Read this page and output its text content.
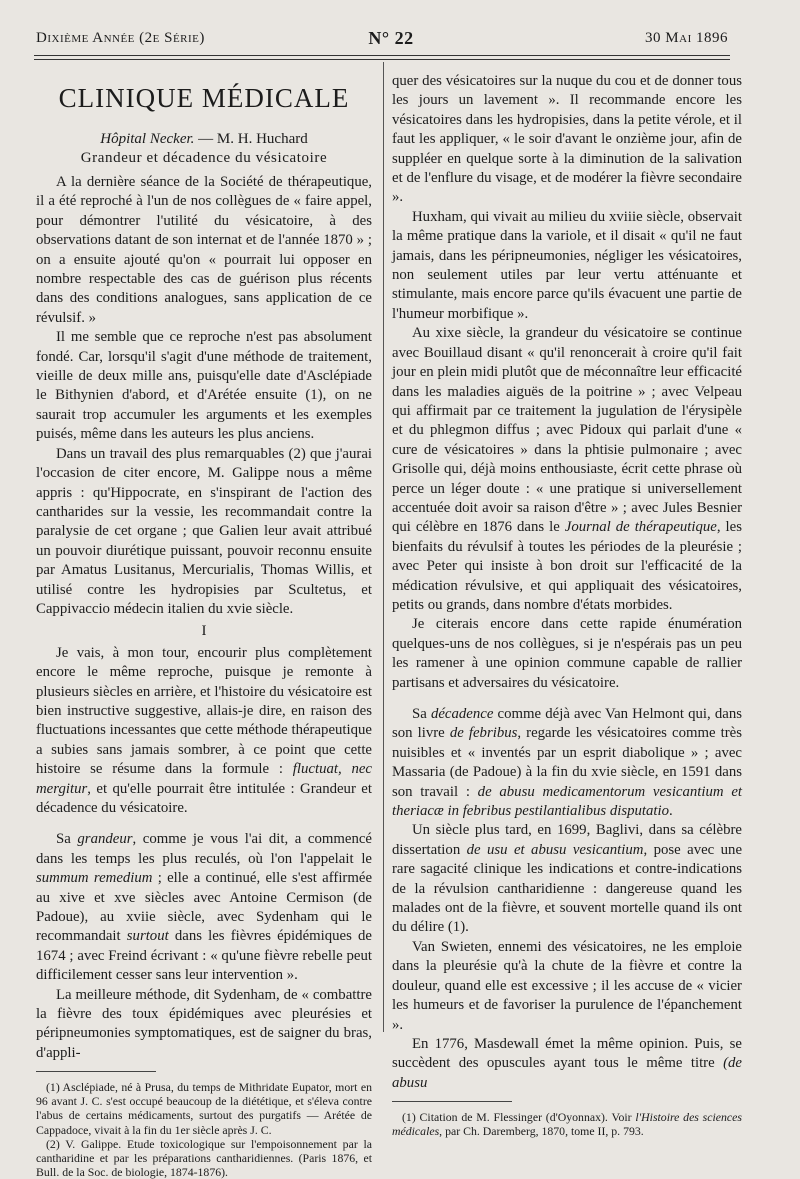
Dixième Année (2e Série)	N° 22	30 Mai 1896
CLINIQUE MÉDICALE
Hôpital Necker. — M. H. Huchard
Grandeur et décadence du vésicatoire

A la dernière séance de la Société de thérapeutique, il a été reproché à l'un de nos collègues de « faire appel, pour démontrer l'utilité du vésicatoire, à des observations datant de son internat et de l'année 1870 » ; on a ensuite ajouté qu'on « pourrait lui opposer en nombre respectable des cas de guérison plus récents dans des conditions analogues, sans application de ce révulsif. »

Il me semble que ce reproche n'est pas absolument fondé. Car, lorsqu'il s'agit d'une méthode de traitement, vieille de deux mille ans, puisqu'elle date d'Asclépiade le Bithynien d'abord, et d'Arétée ensuite (1), on ne saurait trop accumuler les arguments et les exemples puisés, même dans les auteurs les plus anciens.

Dans un travail des plus remarquables (2) que j'aurai l'occasion de citer encore, M. Galippe nous a même appris : qu'Hippocrate, en s'inspirant de l'action des cantharides sur la vessie, les recommandait contre la paralysie de cet organe ; que Galien leur avait attribué un pouvoir diurétique puissant, pouvoir reconnu ensuite par Amatus Lusitanus, Mercurialis, Thomas Willis, et utilisé contre les hydropisies par Scultetus, et Cappivaccio médecin italien du xvie siècle.

I

Je vais, à mon tour, encourir plus complètement encore le même reproche, puisque je remonte à plusieurs siècles en arrière, et l'histoire du vésicatoire est bien instructive suggestive, allais-je dire, en raison des fluctuations incessantes que cette méthode thérapeutique a subies sans jamais sombrer, à ce point que cette histoire se résume dans la formule : fluctuat, nec mergitur, et qu'elle pourrait être intitulée : Grandeur et décadence du vésicatoire.

Sa grandeur, comme je vous l'ai dit, a commencé dans les temps les plus reculés, où l'on l'appelait le summum remedium ; elle a continué, elle s'est affirmée au xive et xve siècles avec Antoine Cermison (de Padoue), au xviie siècle, avec Sydenham qui le recommandait surtout dans les fièvres épidémiques de 1674 ; avec Freind écrivant : « qu'une fièvre rebelle peut difficilement cesser sans leur intervention ».

La meilleure méthode, dit Sydenham, de « combattre la fièvre des toux épidémiques avec pleurésies et péripneumonies symptomatiques, est de saigner du bras, d'appli-

(1) Asclépiade, né à Prusa, du temps de Mithridate Eupator, mort en 96 avant J. C. s'est occupé beaucoup de la diététique, et s'éleva contre l'abus de certains médicaments, surtout des purgatifs — Arétée de Cappadoce, vivait à la fin du 1er siècle après J. C.

(2) V. Galippe. Etude toxicologique sur l'empoisonnement par la cantharidine et par les préparations cantharidiennes. (Paris 1876, et Bull. de la Soc. de biologie, 1874-1876).

quer des vésicatoires sur la nuque du cou et de donner tous les jours un lavement ». Il recommande encore les vésicatoires dans les hydropisies, dans la petite vérole, et il faut les appliquer, « le soir d'avant le onzième jour, afin de suppléer en quelque sorte à la diminution de la salivation et de l'enflure du visage, et de modérer la fièvre secondaire ».

Huxham, qui vivait au milieu du xviiie siècle, observait la même pratique dans la variole, et il disait « qu'il ne faut jamais, dans les péripneumonies, négliger les vésicatoires, non seulement utiles par leur vertu atténuante et stimulante, mais encore parce qu'ils évacuent une partie de l'humeur morbifique ».

Au xixe siècle, la grandeur du vésicatoire se continue avec Bouillaud disant « qu'il renoncerait à croire qu'il fait jour en plein midi plutôt que de méconnaître leur efficacité dans les maladies aiguës de la poitrine » ; avec Velpeau qui affirmait par ce traitement la jugulation de l'érysipèle et du phlegmon diffus ; avec Pidoux qui parlait d'une « cure de vésicatoires » dans la phtisie pulmonaire ; avec Grisolle qui, déjà moins enthousiaste, écrit cette phrase où perce un léger doute : « une pratique si universellement accentuée doit avoir sa raison d'être » ; avec Jules Besnier qui célèbre en 1876 dans le Journal de thérapeutique, les bienfaits du révulsif à toutes les périodes de la pleurésie ; avec Peter qui insiste à bon droit sur l'efficacité de la médication révulsive, et qui appliquait des vésicatoires, petits ou grands, dans nombre d'états morbides.

Je citerais encore dans cette rapide énumération quelques-uns de nos collègues, si je n'espérais pas un peu les ramener à une opinion commune capable de rallier partisans et adversaires du vésicatoire.

Sa décadence comme déjà avec Van Helmont qui, dans son livre de febribus, regarde les vésicatoires comme très nuisibles et « inventés par un esprit diabolique » ; avec Massaria (de Padoue) à la fin du xvie siècle, en 1591 dans son travail : de abusu medicamentorum vesicantium et theriacæ in febribus pestilantialibus disputatio.

Un siècle plus tard, en 1699, Baglivi, dans sa célèbre dissertation de usu et abusu vesicantium, pose avec une rare sagacité clinique les indications et contre-indications de la révulsion cantharidienne : dangereuse quand les malades ont de la fièvre, et souvent mortelle quand ils ont du délire (1).

Van Swieten, ennemi des vésicatoires, ne les emploie dans la pleurésie qu'à la chute de la fièvre et contre la douleur, quand elle est excessive ; il les accuse de « vicier les humeurs et de favoriser la purulence de l'épanchement ».

En 1776, Masdewall émet la même opinion. Puis, se succèdent des opuscules ayant tous le même titre (de abusu

(1) Citation de M. Flessinger (d'Oyonnax). Voir l'Histoire des sciences médicales, par Ch. Daremberg, 1870, tome II, p. 793.
